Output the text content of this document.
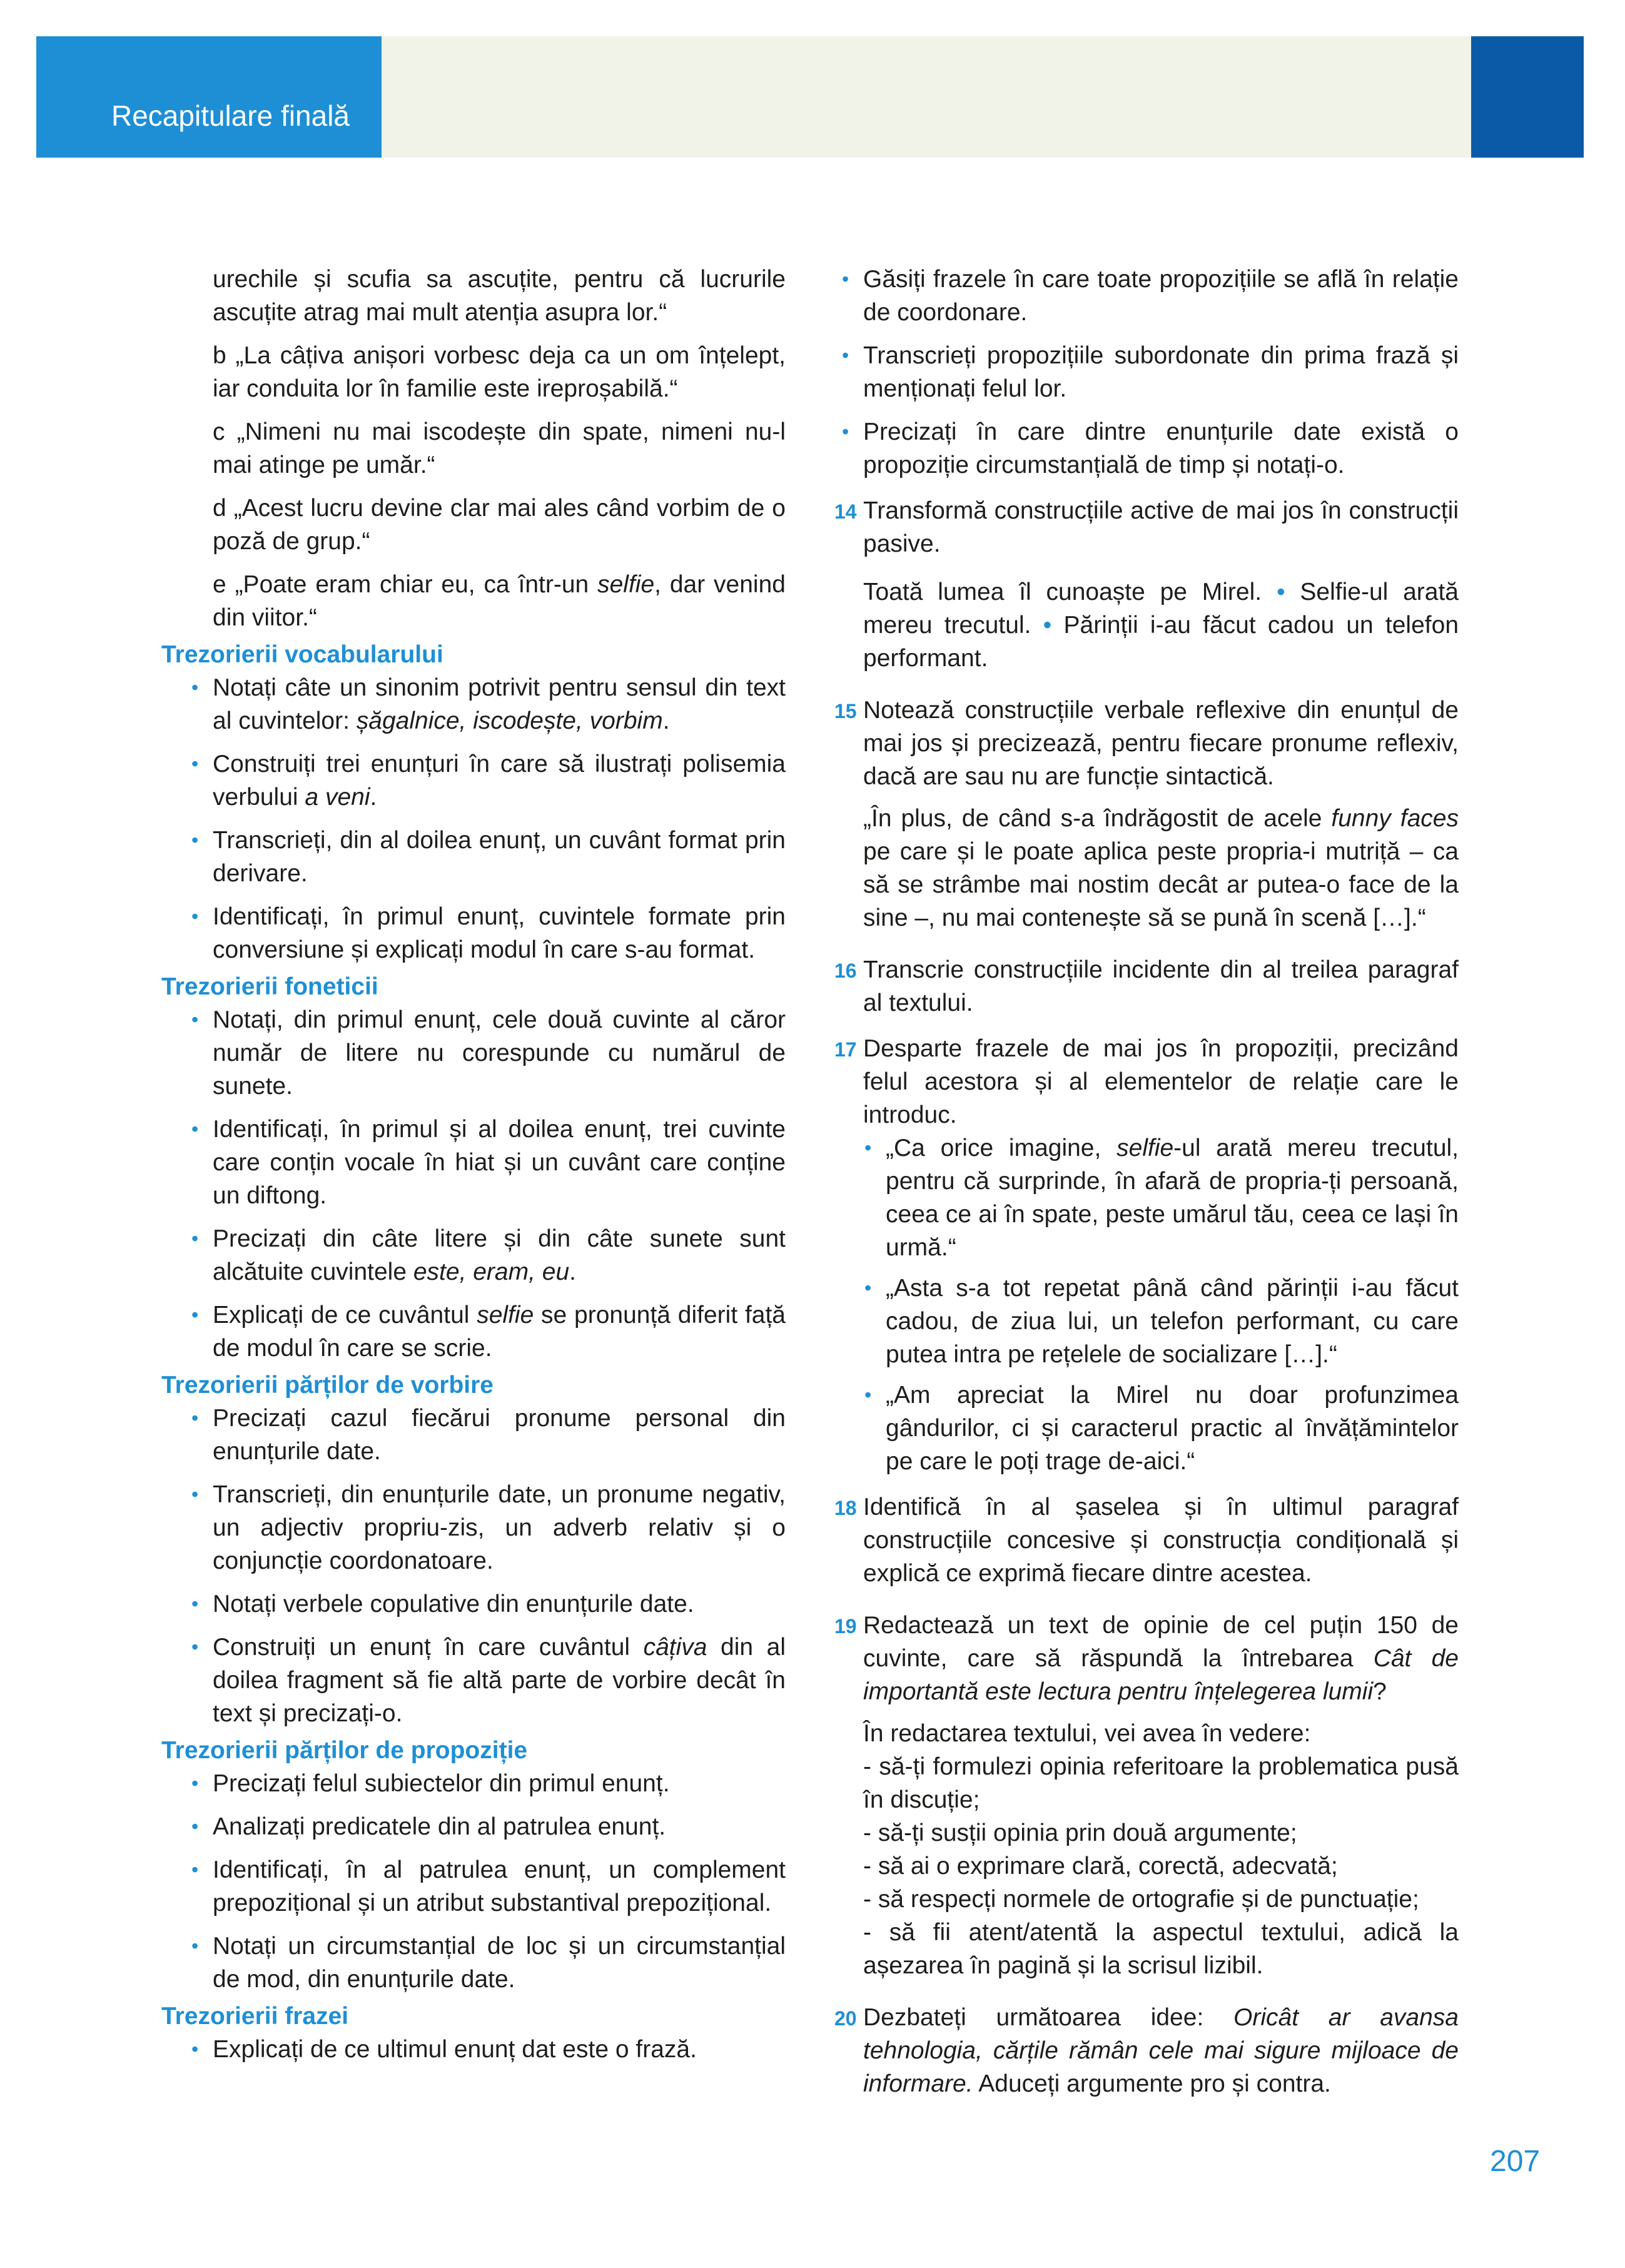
Recapitulare finală
urechile și scufia sa ascuțite, pentru că lucrurile ascuțite atrag mai mult atenția asupra lor.“
b „La câțiva anișori vorbesc deja ca un om înțelept, iar conduita lor în familie este ireproșabilă.“
c „Nimeni nu mai iscodește din spate, nimeni nu-l mai atinge pe umăr.“
d „Acest lucru devine clar mai ales când vorbim de o poză de grup.“
e „Poate eram chiar eu, ca într-un selfie, dar venind din viitor.“
Trezorierii vocabularului
• Notați câte un sinonim potrivit pentru sensul din text al cuvintelor: șăgalnice, iscodește, vorbim.
• Construiți trei enunțuri în care să ilustrați polisemia verbului a veni.
• Transcrieți, din al doilea enunț, un cuvânt format prin derivare.
• Identificați, în primul enunț, cuvintele formate prin conversiune și explicați modul în care s-au format.
Trezorierii foneticii
• Notați, din primul enunț, cele două cuvinte al căror număr de litere nu corespunde cu numărul de sunete.
• Identificați, în primul și al doilea enunț, trei cuvinte care conțin vocale în hiat și un cuvânt care conține un diftong.
• Precizați din câte litere și din câte sunete sunt alcătuite cuvintele este, eram, eu.
• Explicați de ce cuvântul selfie se pronunță diferit față de modul în care se scrie.
Trezorierii părților de vorbire
• Precizați cazul fiecărui pronume personal din enunțurile date.
• Transcrieți, din enunțurile date, un pronume negativ, un adjectiv propriu-zis, un adverb relativ și o conjuncție coordonatoare.
• Notați verbele copulative din enunțurile date.
• Construiți un enunț în care cuvântul câțiva din al doilea fragment să fie altă parte de vorbire decât în text și precizați-o.
Trezorierii părților de propoziție
• Precizați felul subiectelor din primul enunț.
• Analizați predicatele din al patrulea enunț.
• Identificați, în al patrulea enunț, un complement prepozițional și un atribut substantival prepozițional.
• Notați un circumstanțial de loc și un circumstanțial de mod, din enunțurile date.
Trezorierii frazei
• Explicați de ce ultimul enunț dat este o frază.
• Găsiți frazele în care toate propozițiile se află în relație de coordonare.
• Transcrieți propozițiile subordonate din prima frază și menționați felul lor.
• Precizați în care dintre enunțurile date există o propoziție circumstanțială de timp și notați-o.
14 Transformă construcțiile active de mai jos în construcții pasive.
Toată lumea îl cunoaște pe Mirel. • Selfie-ul arată mereu trecutul. • Părinții i-au făcut cadou un telefon performant.
15 Notează construcțiile verbale reflexive din enunțul de mai jos și precizează, pentru fiecare pronume reflexiv, dacă are sau nu are funcție sintactică.
„În plus, de când s-a îndrăgostit de acele funny faces pe care și le poate aplica peste propria-i mutriță – ca să se strâmbe mai nostim decât ar putea-o face de la sine –, nu mai contenește să se pună în scenă […].“
16 Transcrie construcțiile incidente din al treilea paragraf al textului.
17 Desparte frazele de mai jos în propoziții, precizând felul acestora și al elementelor de relație care le introduc.
• „Ca orice imagine, selfie-ul arată mereu trecutul, pentru că surprinde, în afară de propria-ți persoană, ceea ce ai în spate, peste umărul tău, ceea ce lași în urmă.“
• „Asta s-a tot repetat până când părinții i-au făcut cadou, de ziua lui, un telefon performant, cu care putea intra pe rețelele de socializare […].“
• „Am apreciat la Mirel nu doar profunzimea gândurilor, ci și caracterul practic al învățămintelor pe care le poți trage de-aici.“
18 Identifică în al șaselea și în ultimul paragraf construcțiile concesive și construcția condițională și explică ce exprimă fiecare dintre acestea.
19 Redactează un text de opinie de cel puțin 150 de cuvinte, care să răspundă la întrebarea Cât de importantă este lectura pentru înțelegerea lumii?
În redactarea textului, vei avea în vedere:
- să-ți formulezi opinia referitoare la problematica pusă în discuție;
- să-ți susții opinia prin două argumente;
- să ai o exprimare clară, corectă, adecvată;
- să respecți normele de ortografie și de punctuație;
- să fii atent/atentă la aspectul textului, adică la așezarea în pagină și la scrisul lizibil.
20 Dezbateți următoarea idee: Oricât ar avansa tehnologia, cărțile rămân cele mai sigure mijloace de informare. Aduceți argumente pro și contra.
207
